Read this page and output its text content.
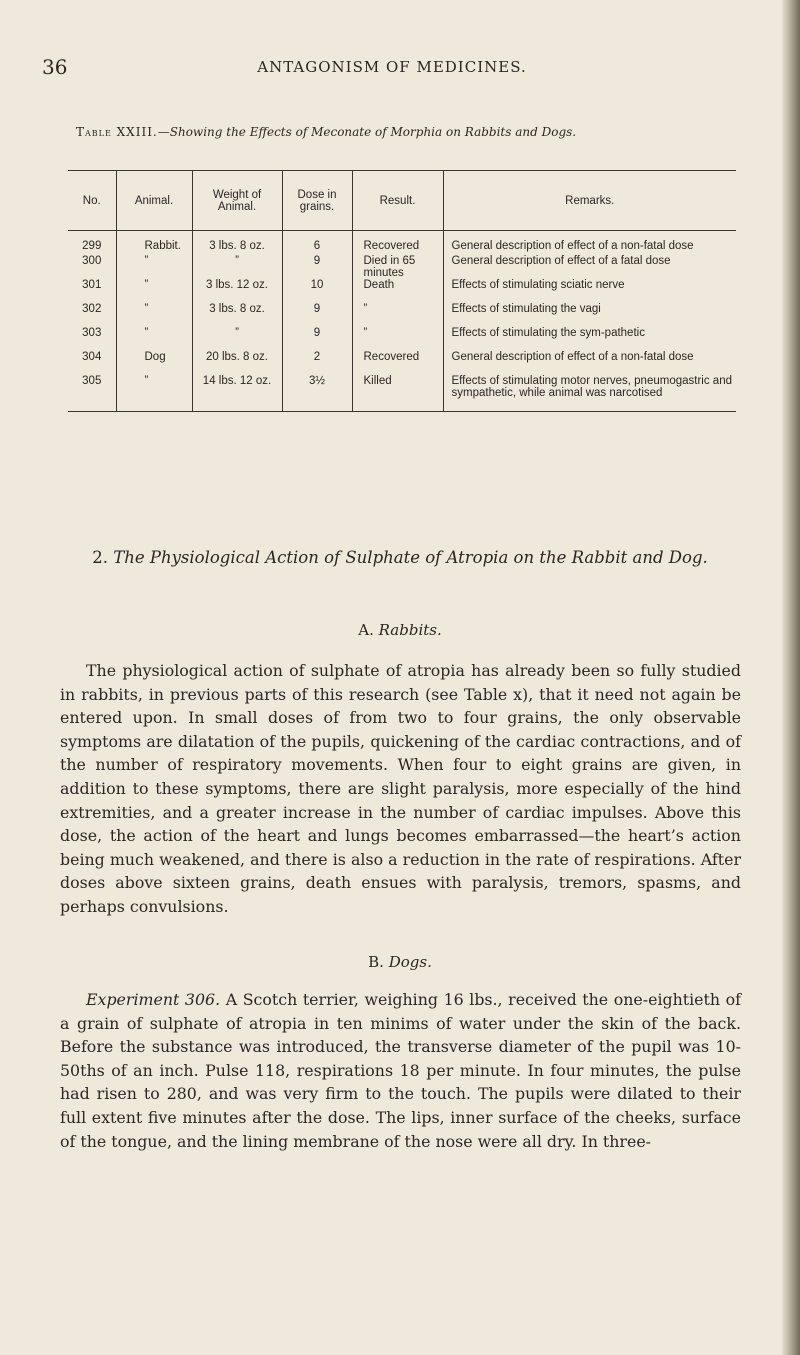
36	ANTAGONISM OF MEDICINES.
Table XXIII.—Showing the Effects of Meconate of Morphia on Rabbits and Dogs.
No.	Animal.	Weight of Animal.	Dose in grains.	Result.	Remarks.
299	Rabbit.	3 lbs. 8 oz.	6	Recovered	General description of effect of a non-fatal dose
300	”	”	9	Died in 65 minutes	General description of effect of a fatal dose
301	”	3 lbs. 12 oz.	10	Death	Effects of stimulating sciatic nerve
302	”	3 lbs. 8 oz.	9	”	Effects of stimulating the vagi
303	”	”	9	”	Effects of stimulating the sym-pathetic
304	Dog	20 lbs. 8 oz.	2	Recovered	General description of effect of a non-fatal dose
305	”	14 lbs. 12 oz.	3½	Killed	Effects of stimulating motor nerves, pneumogastric and sympathetic, while animal was narcotised
2. The Physiological Action of Sulphate of Atropia on the Rabbit and Dog.
A. Rabbits.

The physiological action of sulphate of atropia has already been so fully studied in rabbits, in previous parts of this research (see Table x), that it need not again be entered upon. In small doses of from two to four grains, the only observable symptoms are dilatation of the pupils, quickening of the cardiac contractions, and of the number of respiratory movements. When four to eight grains are given, in addition to these symptoms, there are slight paralysis, more especially of the hind extremities, and a greater increase in the number of cardiac impulses. Above this dose, the action of the heart and lungs becomes embarrassed—the heart’s action being much weakened, and there is also a reduction in the rate of respirations. After doses above sixteen grains, death ensues with paralysis, tremors, spasms, and perhaps convulsions.

B. Dogs.

Experiment 306. A Scotch terrier, weighing 16 lbs., received the one-eightieth of a grain of sulphate of atropia in ten minims of water under the skin of the back. Before the substance was introduced, the transverse diameter of the pupil was 10-50ths of an inch. Pulse 118, respirations 18 per minute. In four minutes, the pulse had risen to 280, and was very firm to the touch. The pupils were dilated to their full extent five minutes after the dose. The lips, inner surface of the cheeks, surface of the tongue, and the lining membrane of the nose were all dry. In three-
